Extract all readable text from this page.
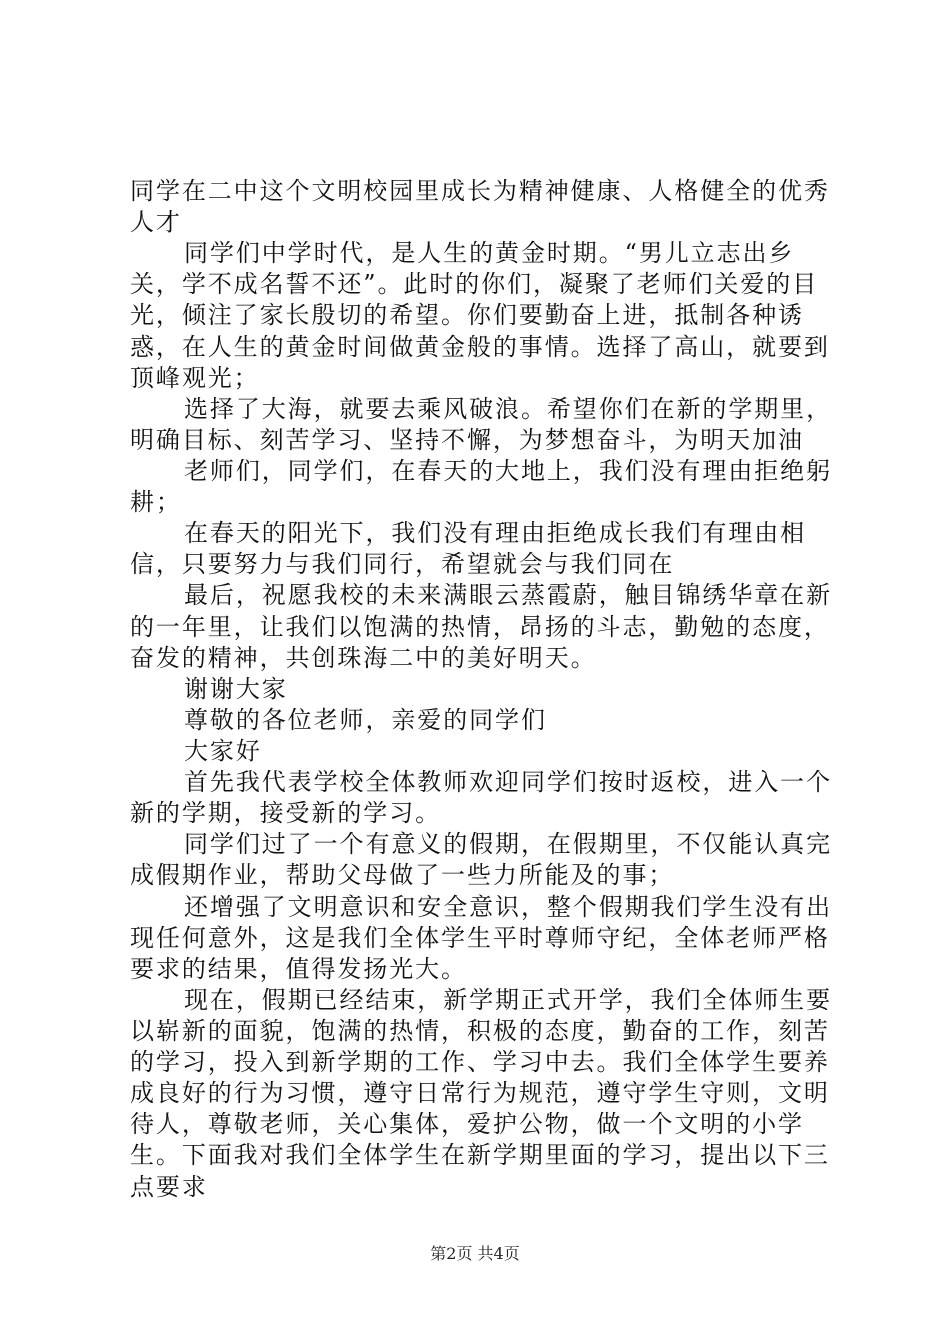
同学在二中这个文明校园里成长为精神健康、人格健全的优秀人才

同学们中学时代，是人生的黄金时期。“男儿立志出乡关，学不成名誓不还”。此时的你们，凝聚了老师们关爱的目光，倾注了家长殷切的希望。你们要勤奋上进，抵制各种诱惑，在人生的黄金时间做黄金般的事情。选择了高山，就要到顶峰观光；

选择了大海，就要去乘风破浪。希望你们在新的学期里，明确目标、刻苦学习、坚持不懈，为梦想奋斗，为明天加油

老师们，同学们，在春天的大地上，我们没有理由拒绝躬耕；

在春天的阳光下，我们没有理由拒绝成长我们有理由相信，只要努力与我们同行，希望就会与我们同在

最后，祝愿我校的未来满眼云蒸霞蔚，触目锦绣华章在新的一年里，让我们以饱满的热情，昂扬的斗志，勤勉的态度，奋发的精神，共创珠海二中的美好明天。

谢谢大家

尊敬的各位老师，亲爱的同学们

大家好

首先我代表学校全体教师欢迎同学们按时返校，进入一个新的学期，接受新的学习。

同学们过了一个有意义的假期，在假期里，不仅能认真完成假期作业，帮助父母做了一些力所能及的事；

还增强了文明意识和安全意识，整个假期我们学生没有出现任何意外，这是我们全体学生平时尊师守纪，全体老师严格要求的结果，值得发扬光大。

现在，假期已经结束，新学期正式开学，我们全体师生要以崭新的面貌，饱满的热情，积极的态度，勤奋的工作，刻苦的学习，投入到新学期的工作、学习中去。我们全体学生要养成良好的行为习惯，遵守日常行为规范，遵守学生守则，文明待人，尊敬老师，关心集体，爱护公物，做一个文明的小学生。下面我对我们全体学生在新学期里面的学习，提出以下三点要求

第2页 共4页
